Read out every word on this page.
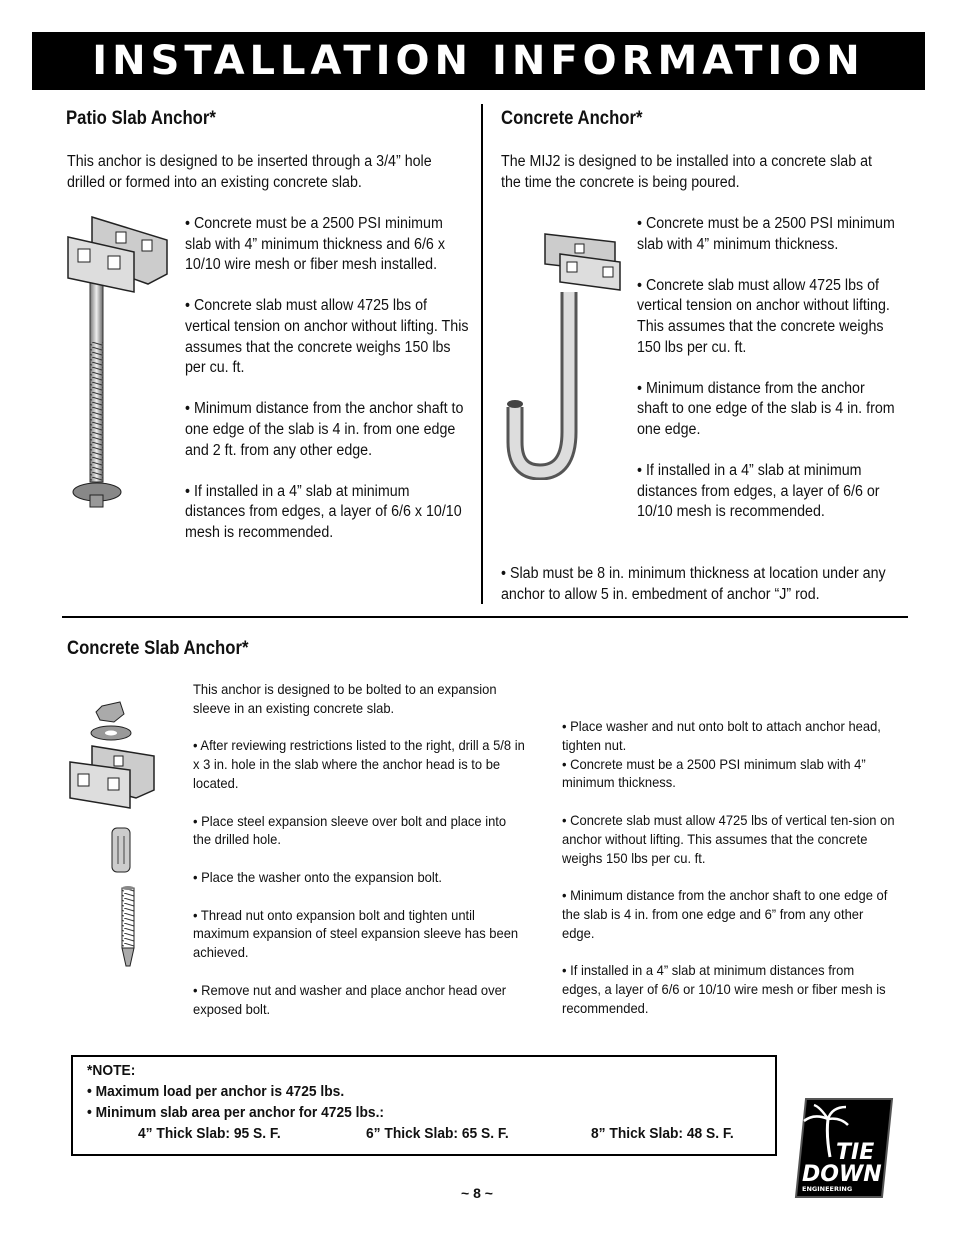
INSTALLATION INFORMATION
Patio Slab Anchor*
This anchor is designed to be inserted through a 3/4” hole drilled or formed into an existing concrete slab.

• Concrete must be a 2500 PSI minimum slab with 4” minimum thickness and 6/6 x 10/10 wire mesh or fiber mesh installed.

• Concrete slab must allow 4725 lbs of vertical tension on anchor without lifting. This assumes that the concrete weighs 150 lbs per cu. ft.

• Minimum distance from the anchor shaft to one edge of the slab is 4 in. from one edge and 2 ft. from any other edge.

• If installed in a 4” slab at minimum distances from edges, a layer of 6/6 x 10/10 mesh is recommended.

Concrete Anchor*
The MIJ2 is designed to be installed into a concrete slab at the time the concrete is being poured.

• Concrete must be a 2500 PSI minimum slab with 4” minimum thickness.

• Concrete slab must allow 4725 lbs of vertical tension on anchor without lifting. This assumes that the concrete weighs 150 lbs per cu. ft.

• Minimum distance from the anchor shaft to one edge of the slab is 4 in. from one edge.

• If installed in a 4” slab at minimum distances from edges, a layer of 6/6 or 10/10 mesh is recommended.

• Slab must be 8 in. minimum thickness at location under any anchor to allow 5 in. embedment of anchor “J” rod.
Concrete Slab Anchor*

This anchor is designed to be bolted to an expansion sleeve in an existing concrete slab.

• After reviewing restrictions listed to the right, drill a 5/8 in x 3 in. hole in the slab where the anchor head is to be located.

• Place steel expansion sleeve over bolt and place into the drilled hole.

• Place the washer onto the expansion bolt.

• Thread nut onto expansion bolt and tighten until maximum expansion of steel expansion sleeve has been achieved.

• Remove nut and washer and place anchor head over exposed bolt.

• Place washer and nut onto bolt to attach anchor head, tighten nut.

• Concrete must be a 2500 PSI minimum slab with 4” minimum thickness.

• Concrete slab must allow 4725 lbs of vertical ten-sion on anchor without lifting. This assumes that the concrete weighs 150 lbs per cu. ft.

• Minimum distance from the anchor shaft to one edge of the slab is 4 in. from one edge and 6” from any other edge.

• If installed in a 4” slab at minimum distances from edges, a layer of 6/6 or 10/10 wire mesh or fiber mesh is recommended.

*NOTE:
• Maximum load per anchor is 4725 lbs.
• Minimum slab area per anchor for 4725 lbs.:
4” Thick Slab: 95 S. F.	6” Thick Slab: 65 S. F.	8” Thick Slab: 48 S. F.
~ 8 ~
TIE
DOWN
ENGINEERING
